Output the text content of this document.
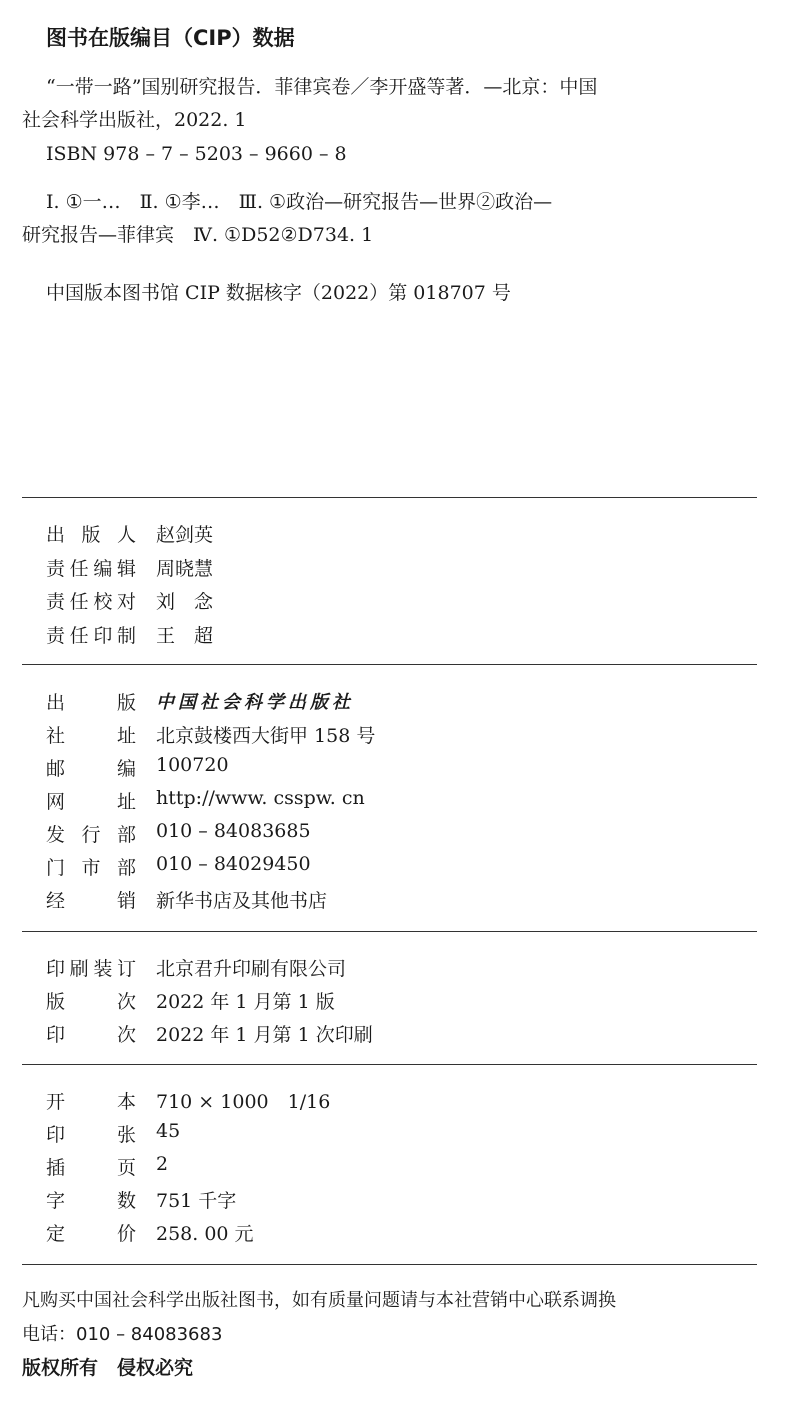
图书在版编目（CIP）数据
“一带一路”国别研究报告．菲律宾卷／李开盛等著．—北京：中国
社会科学出版社，2022. 1
ISBN 978 – 7 – 5203 – 9660 – 8
Ⅰ. ①一…　Ⅱ. ①李…　Ⅲ. ①政治—研究报告—世界②政治—
研究报告—菲律宾　Ⅳ. ①D52②D734. 1
中国版本图书馆 CIP 数据核字（2022）第 018707 号
出 版 人 赵剑英
责 任 编 辑 周晓慧
责 任 校 对 刘　念
责 任 印 制 王　超
出	版 中国社会科学出版社
社	址 北京鼓楼西大街甲 158 号
邮	编 100720
网	址 http://www. csspw. cn
发 行 部 010 – 84083685
门 市 部 010 – 84029450
经	销 新华书店及其他书店
印 刷 装 订 北京君升印刷有限公司
版	次 2022 年 1 月第 1 版
印	次 2022 年 1 月第 1 次印刷
开	本 710 × 1000　1/16
印	张 45
插	页 2
字	数 751 千字
定	价 258. 00 元
凡购买中国社会科学出版社图书，如有质量问题请与本社营销中心联系调换
电话：010 – 84083683
版权所有　侵权必究
